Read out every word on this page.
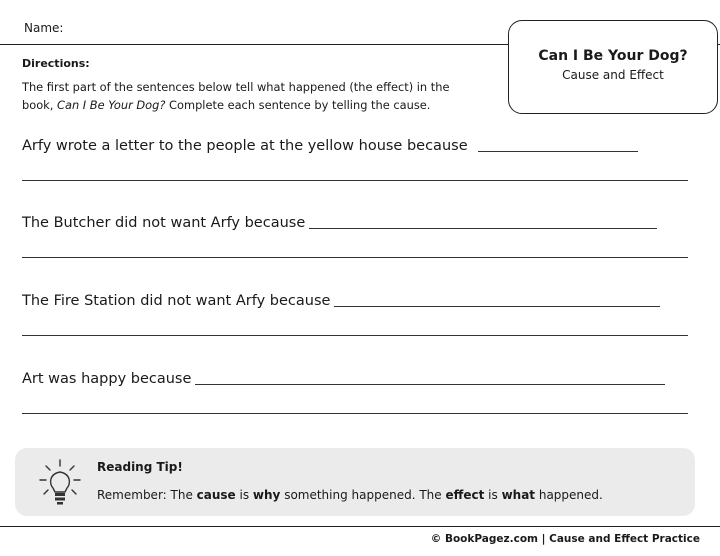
Name:
Can I Be Your Dog?
Cause and Effect
Directions:
The first part of the sentences below tell what happened (the effect) in the
book, Can I Be Your Dog? Complete each sentence by telling the cause.
Arfy wrote a letter to the people at the yellow house because
The Butcher did not want Arfy because
The Fire Station did not want Arfy because
Art was happy because
Reading Tip!
Remember: The cause is why something happened. The effect is what happened.
© BookPagez.com | Cause and Effect Practice
